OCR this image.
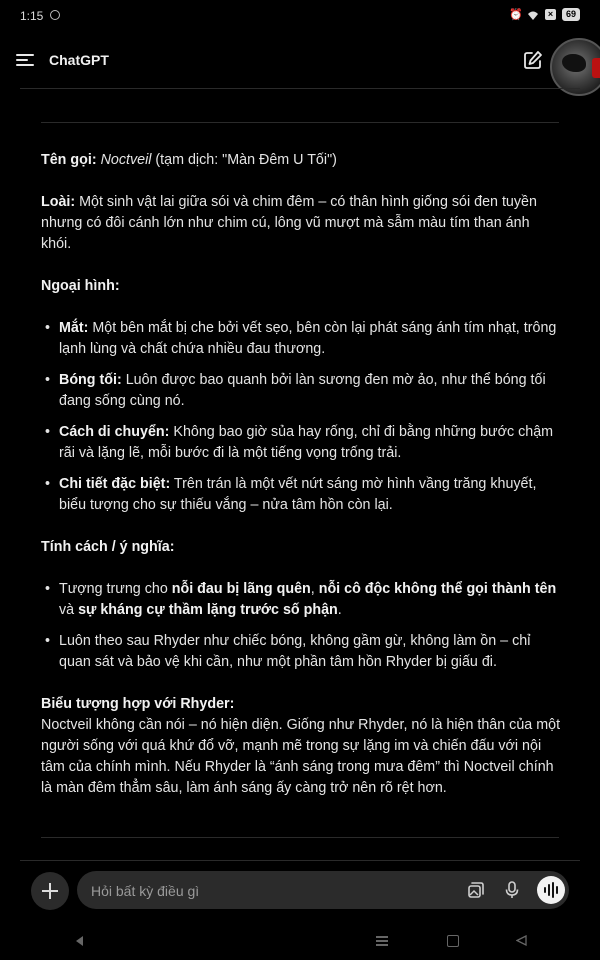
1:15	⏰	×	69
ChatGPT

Tên gọi: Noctveil (tạm dịch: "Màn Đêm U Tối")

Loài: Một sinh vật lai giữa sói và chim đêm – có thân hình giống sói đen tuyền nhưng có đôi cánh lớn như chim cú, lông vũ mượt mà sẫm màu tím than ánh khói.

Ngoại hình:

• Mắt: Một bên mắt bị che bởi vết sẹo, bên còn lại phát sáng ánh tím nhạt, trông lạnh lùng và chất chứa nhiều đau thương.
• Bóng tối: Luôn được bao quanh bởi làn sương đen mờ ảo, như thể bóng tối đang sống cùng nó.
• Cách di chuyển: Không bao giờ sủa hay rống, chỉ đi bằng những bước chậm rãi và lặng lẽ, mỗi bước đi là một tiếng vọng trống trải.
• Chi tiết đặc biệt: Trên trán là một vết nứt sáng mờ hình vầng trăng khuyết, biểu tượng cho sự thiếu vắng – nửa tâm hồn còn lại.

Tính cách / ý nghĩa:

• Tượng trưng cho nỗi đau bị lãng quên, nỗi cô độc không thể gọi thành tên và sự kháng cự thầm lặng trước số phận.
• Luôn theo sau Rhyder như chiếc bóng, không gầm gừ, không làm ồn – chỉ quan sát và bảo vệ khi cần, như một phần tâm hồn Rhyder bị giấu đi.

Biểu tượng hợp với Rhyder:

Noctveil không cần nói – nó hiện diện. Giống như Rhyder, nó là hiện thân của một người sống với quá khứ đổ vỡ, mạnh mẽ trong sự lặng im và chiến đấu với nội tâm của chính mình. Nếu Rhyder là “ánh sáng trong mưa đêm” thì Noctveil chính là màn đêm thẳm sâu, làm ánh sáng ấy càng trở nên rõ rệt hơn.

Hỏi bất kỳ điều gì
